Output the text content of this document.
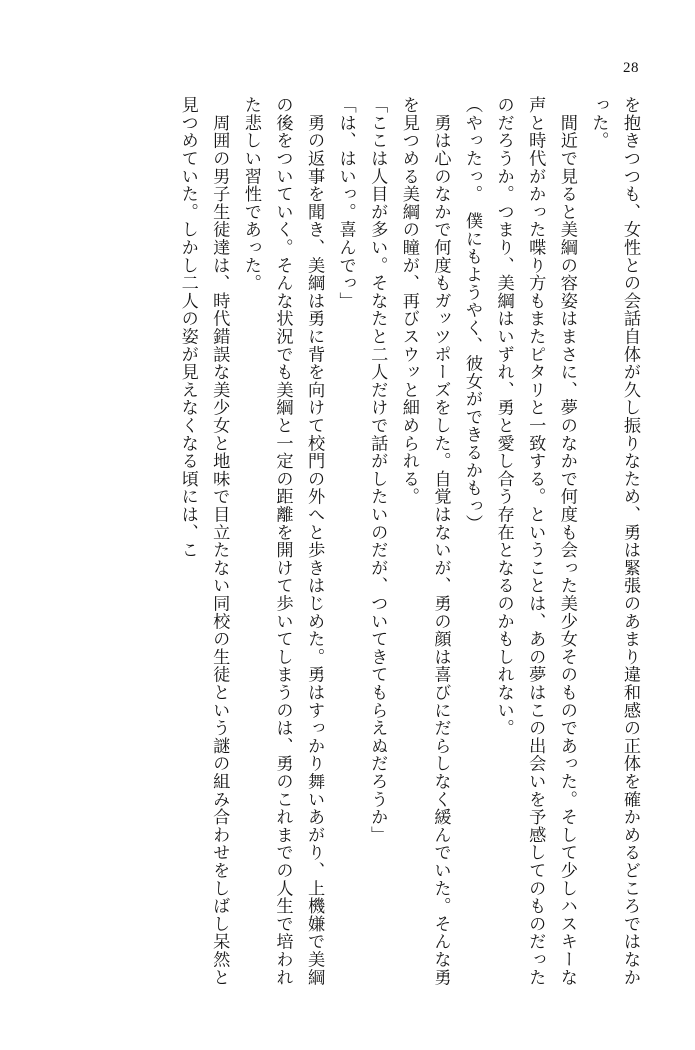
28

を抱きつつも、女性との会話自体が久し振りなため、勇は緊張のあまり違和感の正体を確かめるどころではなかった。

　間近で見ると美綱の容姿はまさに、夢のなかで何度も会った美少女そのものであった。そして少しハスキーな声と時代がかった喋り方もまたピタリと一致する。ということは、あの夢はこの出会いを予感してのものだったのだろうか。つまり、美綱はいずれ、勇と愛し合う存在となるのかもしれない。

（やったっ。　僕にもようやく、彼女ができるかもっ）

　勇は心のなかで何度もガッツポーズをした。自覚はないが、勇の顔は喜びにだらしなく緩んでいた。そんな勇を見つめる美綱の瞳が、再びスウッと細められる。

「ここは人目が多い。そなたと二人だけで話がしたいのだが、ついてきてもらえぬだろうか」

「は、はいっ。喜んでっ」

　勇の返事を聞き、美綱は勇に背を向けて校門の外へと歩きはじめた。勇はすっかり舞いあがり、上機嫌で美綱の後をついていく。そんな状況でも美綱と一定の距離を開けて歩いてしまうのは、勇のこれまでの人生で培われた悲しい習性であった。

　周囲の男子生徒達は、時代錯誤な美少女と地味で目立たない同校の生徒という謎の組み合わせをしばし呆然と見つめていた。しかし二人の姿が見えなくなる頃には、こ
